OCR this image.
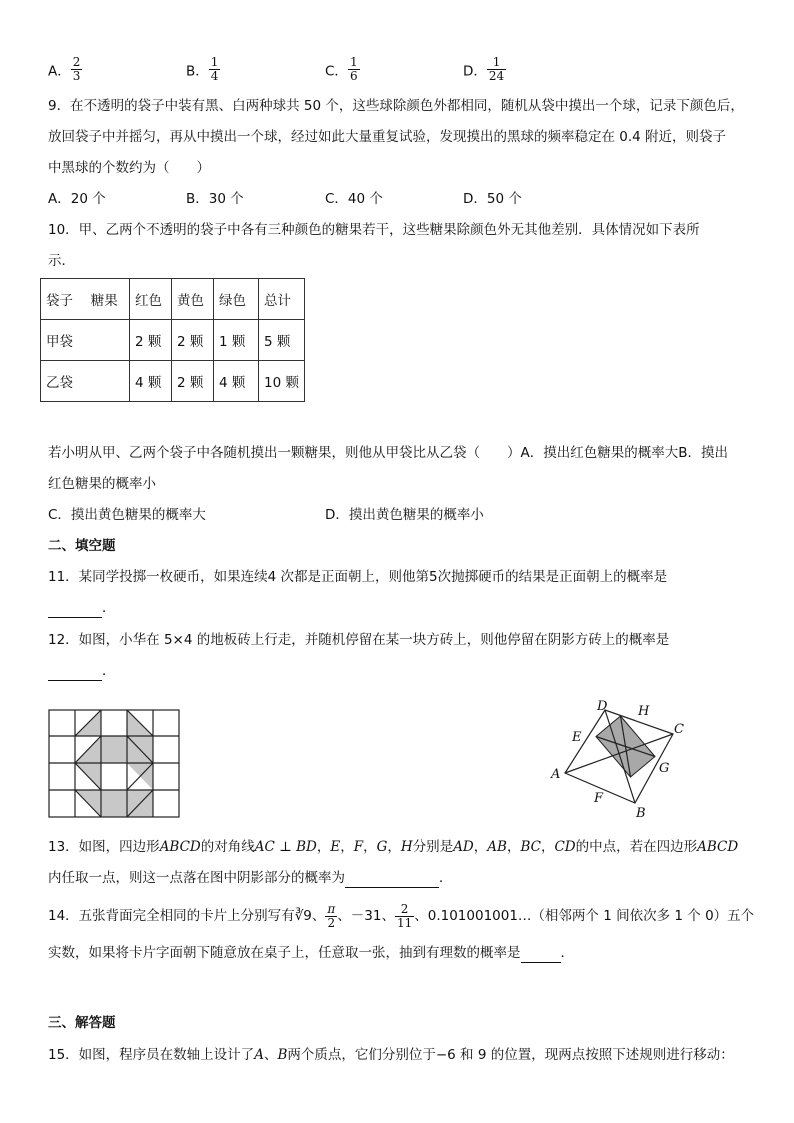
A． $\frac{2}{3}$	B． $\frac{1}{4}$	C． $\frac{1}{6}$	D． $\frac{1}{24}$
9．在不透明的袋子中装有黑、白两种球共 50 个，这些球除颜色外都相同，随机从袋中摸出一个球，记录下颜色后，
放回袋子中并摇匀，再从中摸出一个球，经过如此大量重复试验，发现摸出的黑球的频率稳定在 0.4 附近，则袋子
中黑球的个数约为（　　）
A．20 个	B．30 个	C．40 个	D．50 个
10．甲、乙两个不透明的袋子中各有三种颜色的糖果若干，这些糖果除颜色外无其他差别．具体情况如下表所
示．
袋子　 糖果	红色	黄色	绿色	总计
甲袋	2 颗	2 颗	1 颗	5 颗
乙袋	4 颗	2 颗	4 颗	10 颗
若小明从甲、乙两个袋子中各随机摸出一颗糖果，则他从甲袋比从乙袋（　　）A．摸出红色糖果的概率大B．摸出
红色糖果的概率小
C．摸出黄色糖果的概率大	D．摸出黄色糖果的概率小
二、填空题
11．某同学投掷一枚硬币，如果连续4 次都是正面朝上，则他第5次抛掷硬币的结果是正面朝上的概率是
．
12．如图，小华在 5×4 的地板砖上行走，并随机停留在某一块方砖上，则他停留在阴影方砖上的概率是
．
A
B
C
D
E
F
G
H
13．如图，四边形ABCD的对角线AC ⊥ BD，E，F，G，H分别是AD，AB，BC，CD的中点，若在四边形ABCD
内任取一点，则这一点落在图中阴影部分的概率为	．
14．五张背面完全相同的卡片上分别写有∛9、 $\frac{\pi}{2}$ 、－31、 $\frac{2}{11}$ 、0.101001001…（相邻两个 1 间依次多 1 个 0）五个
实数，如果将卡片字面朝下随意放在桌子上，任意取一张，抽到有理数的概率是	．
三、解答题
15．如图，程序员在数轴上设计了A、B两个质点，它们分别位于−6 和 9 的位置，现两点按照下述规则进行移动：
